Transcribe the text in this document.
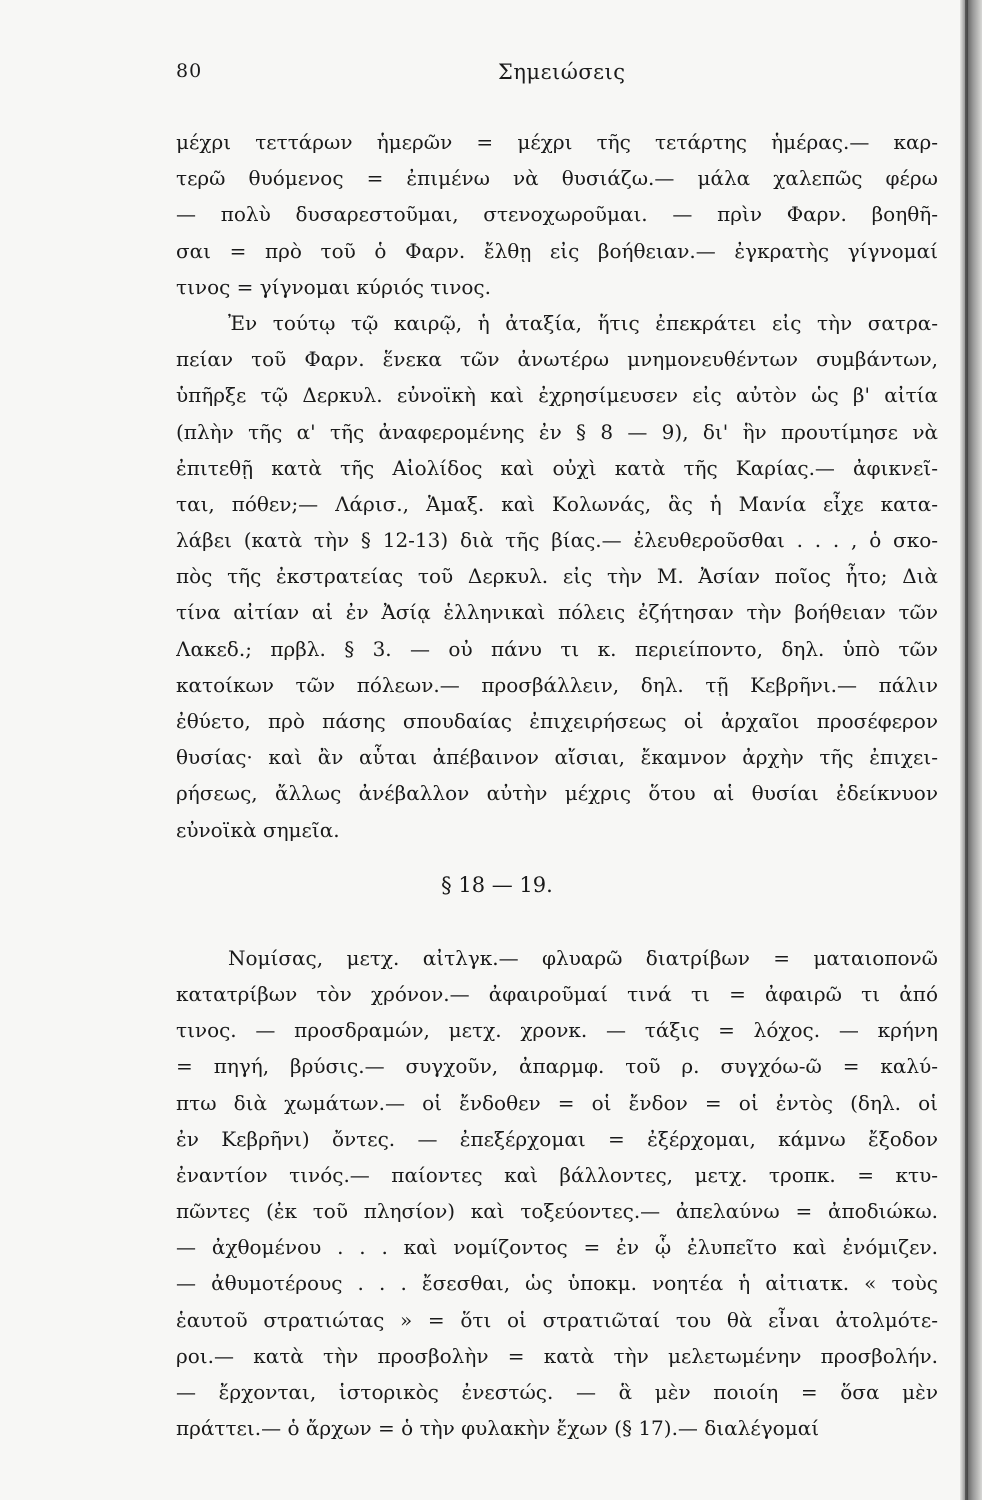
80	Σημειώσεις
μέχρι τεττάρων ἡμερῶν = μέχρι τῆς τετάρτης ἡμέρας.— καρ-
τερῶ θυόμενος = ἐπιμένω νὰ θυσιάζω.— μάλα χαλεπῶς φέρω
— πολὺ δυσαρεστοῦμαι, στενοχωροῦμαι. — πρὶν Φαρν. βοηθῆ-
σαι = πρὸ τοῦ ὁ Φαρν. ἔλθῃ εἰς βοήθειαν.— ἐγκρατὴς γίγνομαί
τινος = γίγνομαι κύριός τινος.
Ἐν τούτῳ τῷ καιρῷ, ἡ ἀταξία, ἥτις ἐπεκράτει εἰς τὴν σατρα-
πείαν τοῦ Φαρν. ἕνεκα τῶν ἀνωτέρω μνημονευθέντων συμβάντων,
ὑπῆρξε τῷ Δερκυλ. εὐνοϊκὴ καὶ ἐχρησίμευσεν εἰς αὐτὸν ὡς β' αἰτία
(πλὴν τῆς α' τῆς ἀναφερομένης ἐν § 8 — 9), δι' ἣν προυτίμησε νὰ
ἐπιτεθῇ κατὰ τῆς Αἰολίδος καὶ οὐχὶ κατὰ τῆς Καρίας.— ἀφικνεῖ-
ται, πόθεν;— Λάρισ., Ἁμαξ. καὶ Κολωνάς, ἃς ἡ Μανία εἶχε κατα-
λάβει (κατὰ τὴν § 12-13) διὰ τῆς βίας.— ἐλευθεροῦσθαι . . . , ὁ σκο-
πὸς τῆς ἐκστρατείας τοῦ Δερκυλ. εἰς τὴν Μ. Ἀσίαν ποῖος ἦτο; Διὰ
τίνα αἰτίαν αἱ ἐν Ἀσίᾳ ἑλληνικαὶ πόλεις ἐζήτησαν τὴν βοήθειαν τῶν
Λακεδ.; πρβλ. § 3. — οὐ πάνυ τι κ. περιείποντο, δηλ. ὑπὸ τῶν
κατοίκων τῶν πόλεων.— προσβάλλειν, δηλ. τῇ Κεβρῆνι.— πάλιν
ἐθύετο, πρὸ πάσης σπουδαίας ἐπιχειρήσεως οἱ ἀρχαῖοι προσέφερον
θυσίας· καὶ ἂν αὗται ἀπέβαινον αἴσιαι, ἔκαμνον ἀρχὴν τῆς ἐπιχει-
ρήσεως, ἄλλως ἀνέβαλλον αὐτὴν μέχρις ὅτου αἱ θυσίαι ἐδείκνυον
εὐνοϊκὰ σημεῖα.
§ 18 — 19.
Νομίσας, μετχ. αἰτλγκ.— φλυαρῶ διατρίβων = ματαιοπονῶ
κατατρίβων τὸν χρόνον.— ἀφαιροῦμαί τινά τι = ἀφαιρῶ τι ἀπό
τινος. — προσδραμών, μετχ. χρονκ. — τάξις = λόχος. — κρήνη
= πηγή, βρύσις.— συγχοῦν, ἀπαρμφ. τοῦ ρ. συγχόω-ῶ = καλύ-
πτω διὰ χωμάτων.— οἱ ἔνδοθεν = οἱ ἔνδον = οἱ ἐντὸς (δηλ. οἱ
ἐν Κεβρῆνι) ὄντες. — ἐπεξέρχομαι = ἐξέρχομαι, κάμνω ἔξοδον
ἐναντίον τινός.— παίοντες καὶ βάλλοντες, μετχ. τροπκ. = κτυ-
πῶντες (ἐκ τοῦ πλησίον) καὶ τοξεύοντες.— ἀπελαύνω = ἀποδιώκω.
— ἀχθομένου . . . καὶ νομίζοντος = ἐν ᾧ ἐλυπεῖτο καὶ ἐνόμιζεν.
— ἀθυμοτέρους . . . ἔσεσθαι, ὡς ὑποκμ. νοητέα ἡ αἰτιατκ. « τοὺς
ἑαυτοῦ στρατιώτας » = ὅτι οἱ στρατιῶταί του θὰ εἶναι ἀτολμότε-
ροι.— κατὰ τὴν προσβολὴν = κατὰ τὴν μελετωμένην προσβολήν.
— ἔρχονται, ἱστορικὸς ἐνεστώς. — ἃ μὲν ποιοίη = ὅσα μὲν
πράττει.— ὁ ἄρχων = ὁ τὴν φυλακὴν ἔχων (§ 17).— διαλέγομαί
